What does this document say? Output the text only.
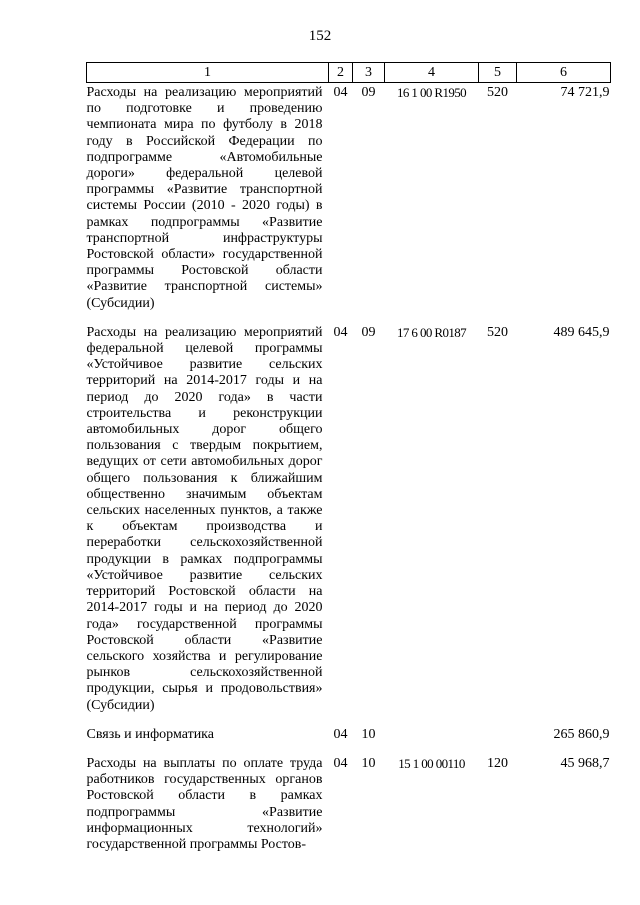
152
1	2	3	4	5	6
Расходы на реализацию мероприятий по подготовке и проведению чемпионата мира по футболу в 2018 году в Российской Федерации по подпрограмме «Автомобильные дороги» федеральной целевой программы «Развитие транспортной системы России (2010 - 2020 годы) в рамках подпрограммы «Развитие транспортной инфраструктуры Ростовской области» государственной программы Ростовской области «Развитие транспортной системы» (Субсидии)	04	09	16 1 00 R1950	520	74 721,9

Расходы на реализацию мероприятий федеральной целевой программы «Устойчивое развитие сельских территорий на 2014-2017 годы и на период до 2020 года» в части строительства и реконструкции автомобильных дорог общего пользования с твердым покрытием, ведущих от сети автомобильных дорог общего пользования к ближайшим общественно значимым объектам сельских населенных пунктов, а также к объектам производства и переработки сельскохозяйственной продукции в рамках подпрограммы «Устойчивое развитие сельских территорий Ростовской области на 2014-2017 годы и на период до 2020 года» государственной программы Ростовской области «Развитие сельского хозяйства и регулирование рынков сельскохозяйственной продукции, сырья и продовольствия» (Субсидии)	04	09	17 6 00 R0187	520	489 645,9

Связь и информатика	04	10			265 860,9

Расходы на выплаты по оплате труда работников государственных органов Ростовской области в рамках подпрограммы «Развитие информационных технологий» государственной программы Ростов-	04	10	15 1 00 00110	120	45 968,7
